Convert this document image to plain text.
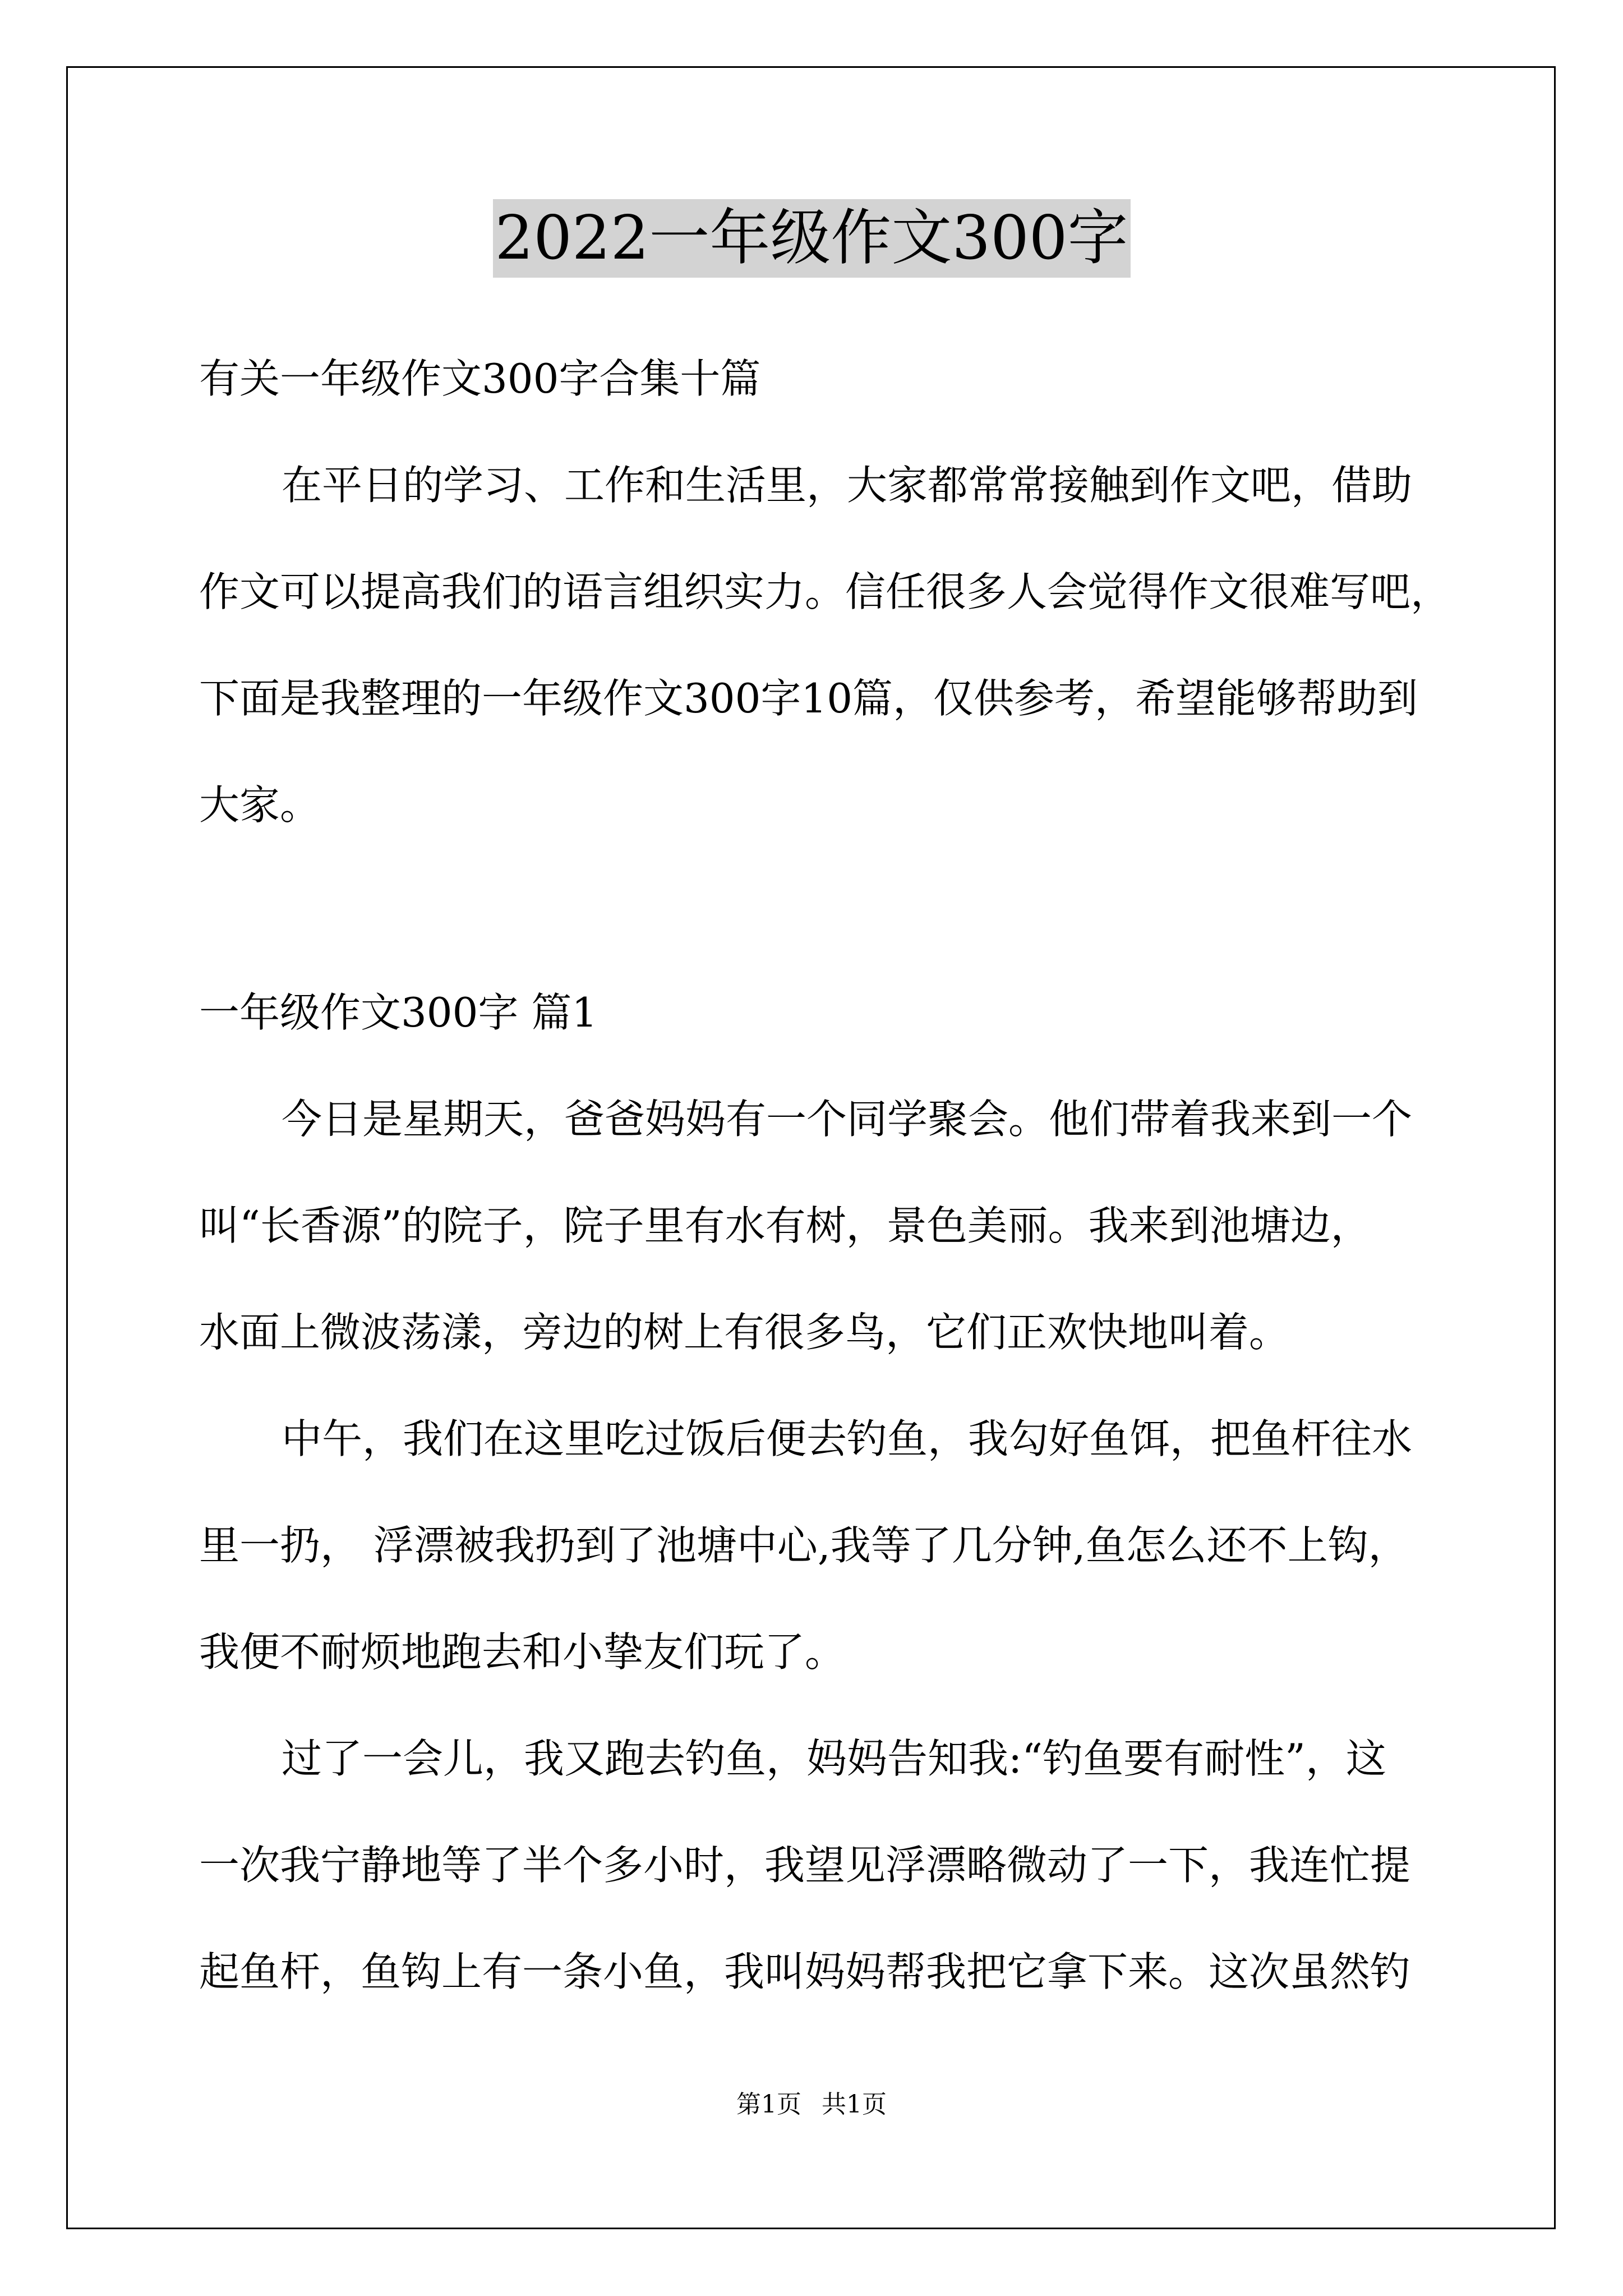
2022一年级作文300字
有关一年级作文300字合集十篇
在平日的学习、工作和生活里，大家都常常接触到作文吧，借助
作文可以提高我们的语言组织实力。信任很多人会觉得作文很难写吧，
下面是我整理的一年级作文300字10篇，仅供参考，希望能够帮助到
大家。
一年级作文300字 篇1
今日是星期天，爸爸妈妈有一个同学聚会。他们带着我来到一个
叫“长香源”的院子，院子里有水有树，景色美丽。我来到池塘边，
水面上微波荡漾，旁边的树上有很多鸟，它们正欢快地叫着。
中午，我们在这里吃过饭后便去钓鱼，我勾好鱼饵，把鱼杆往水
里一扔， 浮漂被我扔到了池塘中心,我等了几分钟,鱼怎么还不上钩，
我便不耐烦地跑去和小挚友们玩了。
过了一会儿，我又跑去钓鱼，妈妈告知我:“钓鱼要有耐性”，这
一次我宁静地等了半个多小时，我望见浮漂略微动了一下，我连忙提
起鱼杆，鱼钩上有一条小鱼，我叫妈妈帮我把它拿下来。这次虽然钓
第1页 共1页
